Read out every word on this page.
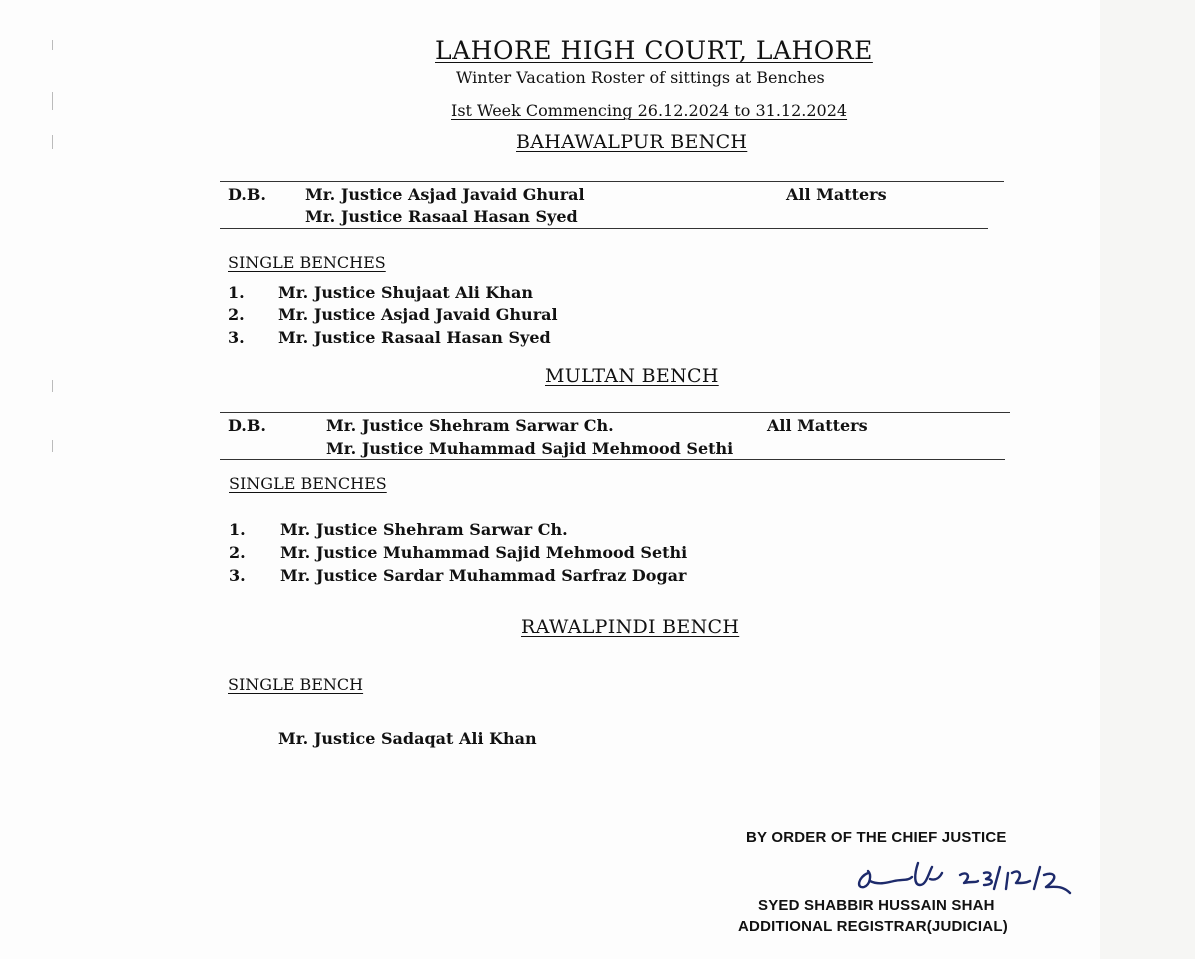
LAHORE HIGH COURT, LAHORE
Winter Vacation Roster of sittings at Benches
Ist Week Commencing 26.12.2024 to 31.12.2024
BAHAWALPUR BENCH
D.B. Mr. Justice Asjad Javaid Ghural
Mr. Justice Rasaal Hasan Syed
All Matters
SINGLE BENCHES
1. Mr. Justice Shujaat Ali Khan
2. Mr. Justice Asjad Javaid Ghural
3. Mr. Justice Rasaal Hasan Syed
MULTAN BENCH
D.B.	Mr. Justice Shehram Sarwar Ch.
Mr. Justice Muhammad Sajid Mehmood Sethi
All Matters
SINGLE BENCHES
1. Mr. Justice Shehram Sarwar Ch.
2. Mr. Justice Muhammad Sajid Mehmood Sethi
3. Mr. Justice Sardar Muhammad Sarfraz Dogar
RAWALPINDI BENCH
SINGLE BENCH
Mr. Justice Sadaqat Ali Khan
BY ORDER OF THE CHIEF JUSTICE
SYED SHABBIR HUSSAIN SHAH
ADDITIONAL REGISTRAR(JUDICIAL)
